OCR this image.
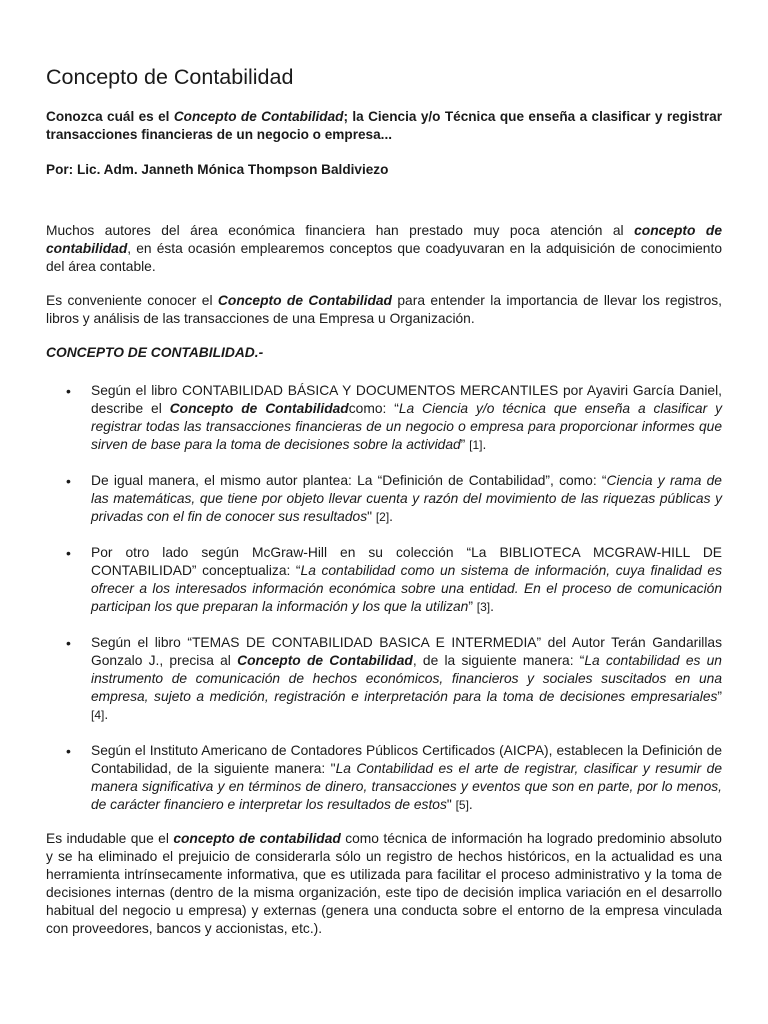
Concepto de Contabilidad

Conozca cuál es el Concepto de Contabilidad; la Ciencia y/o Técnica que enseña a clasificar y registrar transacciones financieras de un negocio o empresa...

Por: Lic. Adm. Janneth Mónica Thompson Baldiviezo

Muchos autores del área económica financiera han prestado muy poca atención al concepto de contabilidad, en ésta ocasión emplearemos conceptos que coadyuvaran en la adquisición de conocimiento del área contable.

Es conveniente conocer el Concepto de Contabilidad para entender la importancia de llevar los registros, libros y análisis de las transacciones de una Empresa u Organización.

CONCEPTO DE CONTABILIDAD.-

• Según el libro CONTABILIDAD BÁSICA Y DOCUMENTOS MERCANTILES por Ayaviri García Daniel, describe el Concepto de Contabilidadcomo: “La Ciencia y/o técnica que enseña a clasificar y registrar todas las transacciones financieras de un negocio o empresa para proporcionar informes que sirven de base para la toma de decisiones sobre la actividad” [1].
• De igual manera, el mismo autor plantea: La “Definición de Contabilidad”, como: “Ciencia y rama de las matemáticas, que tiene por objeto llevar cuenta y razón del movimiento de las riquezas públicas y privadas con el fin de conocer sus resultados" [2].
• Por otro lado según McGraw-Hill en su colección “La BIBLIOTECA MCGRAW-HILL DE CONTABILIDAD” conceptualiza: “La contabilidad como un sistema de información, cuya finalidad es ofrecer a los interesados información económica sobre una entidad. En el proceso de comunicación participan los que preparan la información y los que la utilizan” [3].
• Según el libro “TEMAS DE CONTABILIDAD BASICA E INTERMEDIA” del Autor Terán Gandarillas Gonzalo J., precisa al Concepto de Contabilidad, de la siguiente manera: “La contabilidad es un instrumento de comunicación de hechos económicos, financieros y sociales suscitados en una empresa, sujeto a medición, registración e interpretación para la toma de decisiones empresariales” [4].
• Según el Instituto Americano de Contadores Públicos Certificados (AICPA), establecen la Definición de Contabilidad, de la siguiente manera: "La Contabilidad es el arte de registrar, clasificar y resumir de manera significativa y en términos de dinero, transacciones y eventos que son en parte, por lo menos, de carácter financiero e interpretar los resultados de estos" [5].

Es indudable que el concepto de contabilidad como técnica de información ha logrado predominio absoluto y se ha eliminado el prejuicio de considerarla sólo un registro de hechos históricos, en la actualidad es una herramienta intrínsecamente informativa, que es utilizada para facilitar el proceso administrativo y la toma de decisiones internas (dentro de la misma organización, este tipo de decisión implica variación en el desarrollo habitual del negocio u empresa) y externas (genera una conducta sobre el entorno de la empresa vinculada con proveedores, bancos y accionistas, etc.).
